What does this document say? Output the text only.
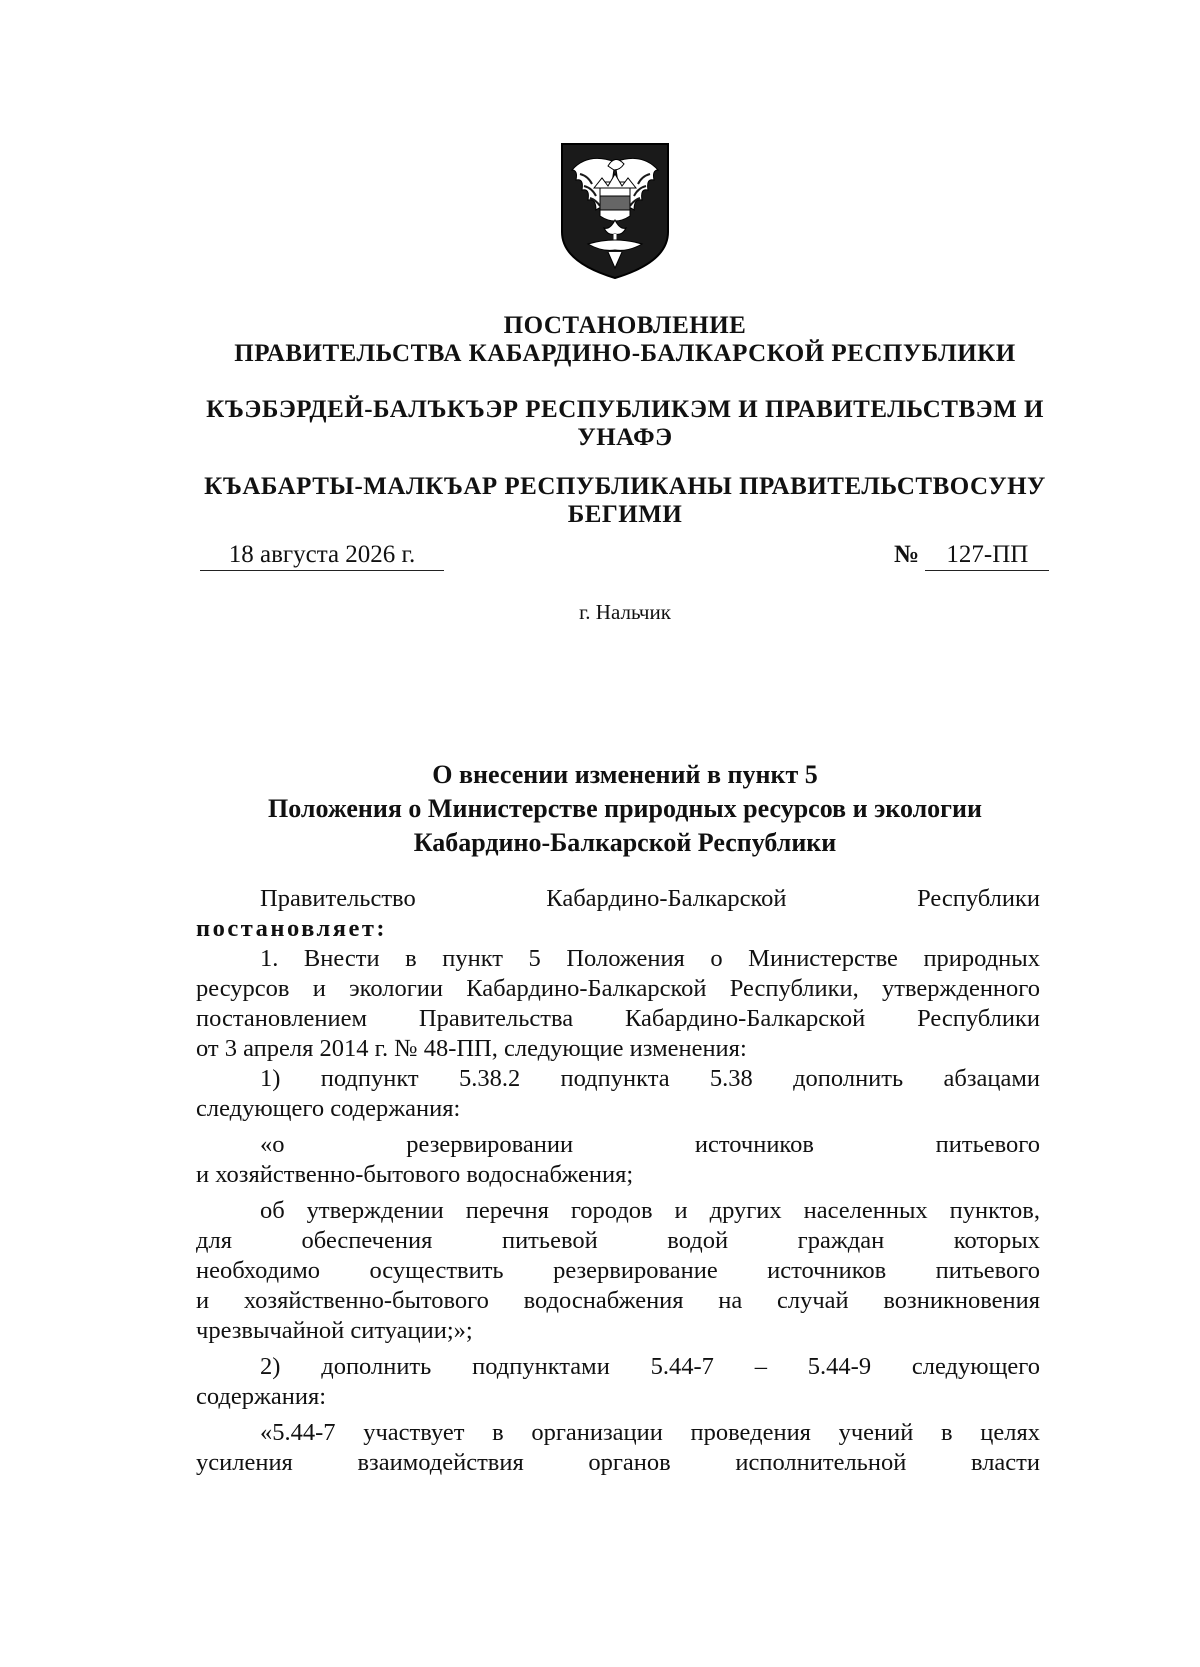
ПОСТАНОВЛЕНИЕ
ПРАВИТЕЛЬСТВА КАБАРДИНО-БАЛКАРСКОЙ РЕСПУБЛИКИ
КЪЭБЭРДЕЙ-БАЛЪКЪЭР РЕСПУБЛИКЭМ И ПРАВИТЕЛЬСТВЭМ И
УНАФЭ
КЪАБАРТЫ-МАЛКЪАР РЕСПУБЛИКАНЫ ПРАВИТЕЛЬСТВОСУНУ
БЕГИМИ
18 августа 2026 г.	№ 127-ПП
г. Нальчик
О внесении изменений в пункт 5
Положения о Министерстве природных ресурсов и экологии
Кабардино-Балкарской Республики
Правительство Кабардино-Балкарской Республики
постановляет:
1. Внести в пункт 5 Положения о Министерстве природных
ресурсов и экологии Кабардино-Балкарской Республики, утвержденного
постановлением Правительства Кабардино-Балкарской Республики
от 3 апреля 2014 г. № 48-ПП, следующие изменения:
1) подпункт 5.38.2 подпункта 5.38 дополнить абзацами
следующего содержания:
«о резервировании источников питьевого
и хозяйственно-бытового водоснабжения;
об утверждении перечня городов и других населенных пунктов,
для обеспечения питьевой водой граждан которых
необходимо осуществить резервирование источников питьевого
и хозяйственно-бытового водоснабжения на случай возникновения
чрезвычайной ситуации;»;
2) дополнить подпунктами 5.44-7 – 5.44-9 следующего
содержания:
«5.44-7 участвует в организации проведения учений в целях
усиления взаимодействия органов исполнительной власти
